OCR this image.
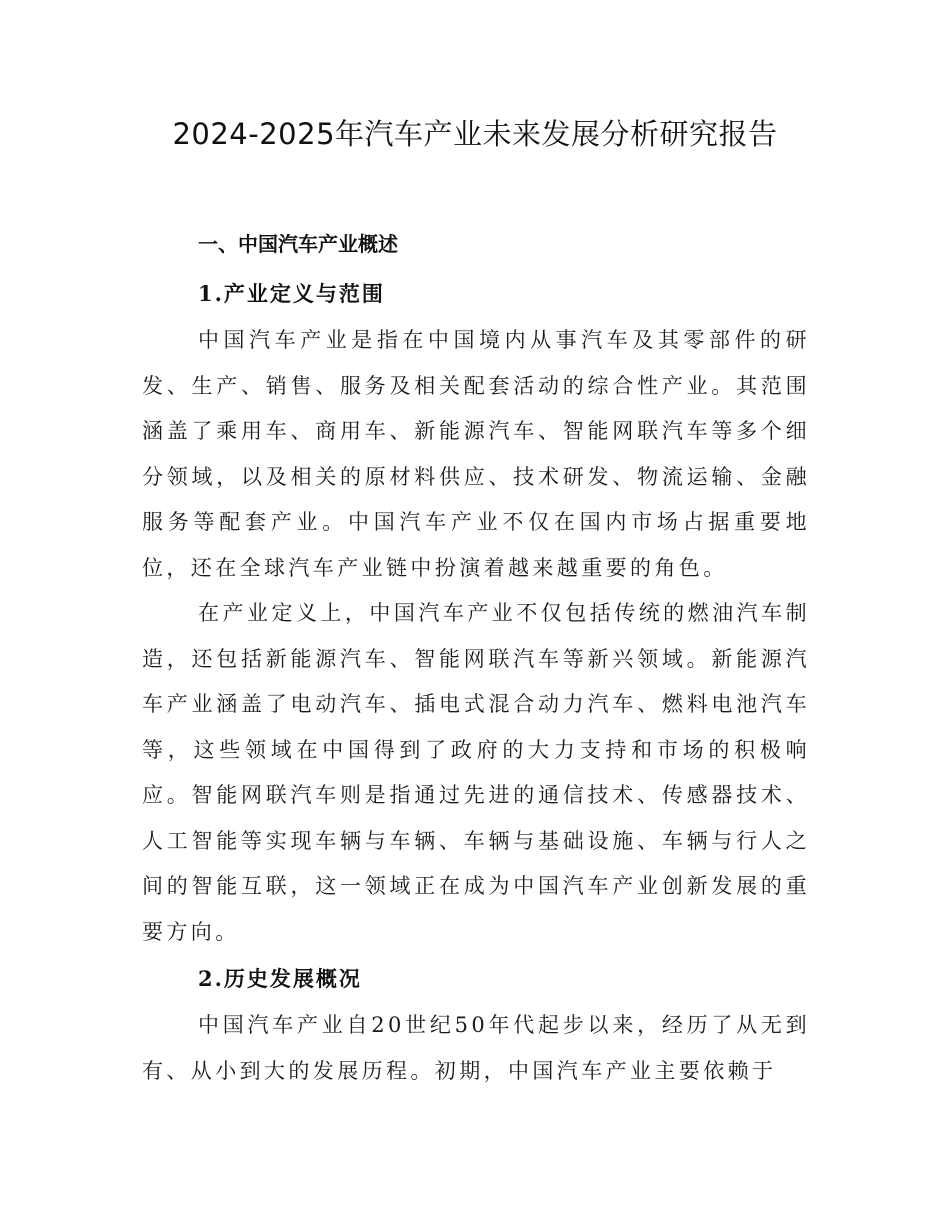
2024-2025年汽车产业未来发展分析研究报告
一、中国汽车产业概述
1.产业定义与范围

中国汽车产业是指在中国境内从事汽车及其零部件的研发、生产、销售、服务及相关配套活动的综合性产业。其范围涵盖了乘用车、商用车、新能源汽车、智能网联汽车等多个细分领域，以及相关的原材料供应、技术研发、物流运输、金融服务等配套产业。中国汽车产业不仅在国内市场占据重要地位，还在全球汽车产业链中扮演着越来越重要的角色。

在产业定义上，中国汽车产业不仅包括传统的燃油汽车制造，还包括新能源汽车、智能网联汽车等新兴领域。新能源汽车产业涵盖了电动汽车、插电式混合动力汽车、燃料电池汽车等，这些领域在中国得到了政府的大力支持和市场的积极响应。智能网联汽车则是指通过先进的通信技术、传感器技术、人工智能等实现车辆与车辆、车辆与基础设施、车辆与行人之间的智能互联，这一领域正在成为中国汽车产业创新发展的重要方向。

2.历史发展概况

中国汽车产业自20世纪50年代起步以来，经历了从无到有、从小到大的发展历程。初期，中国汽车产业主要依赖于
